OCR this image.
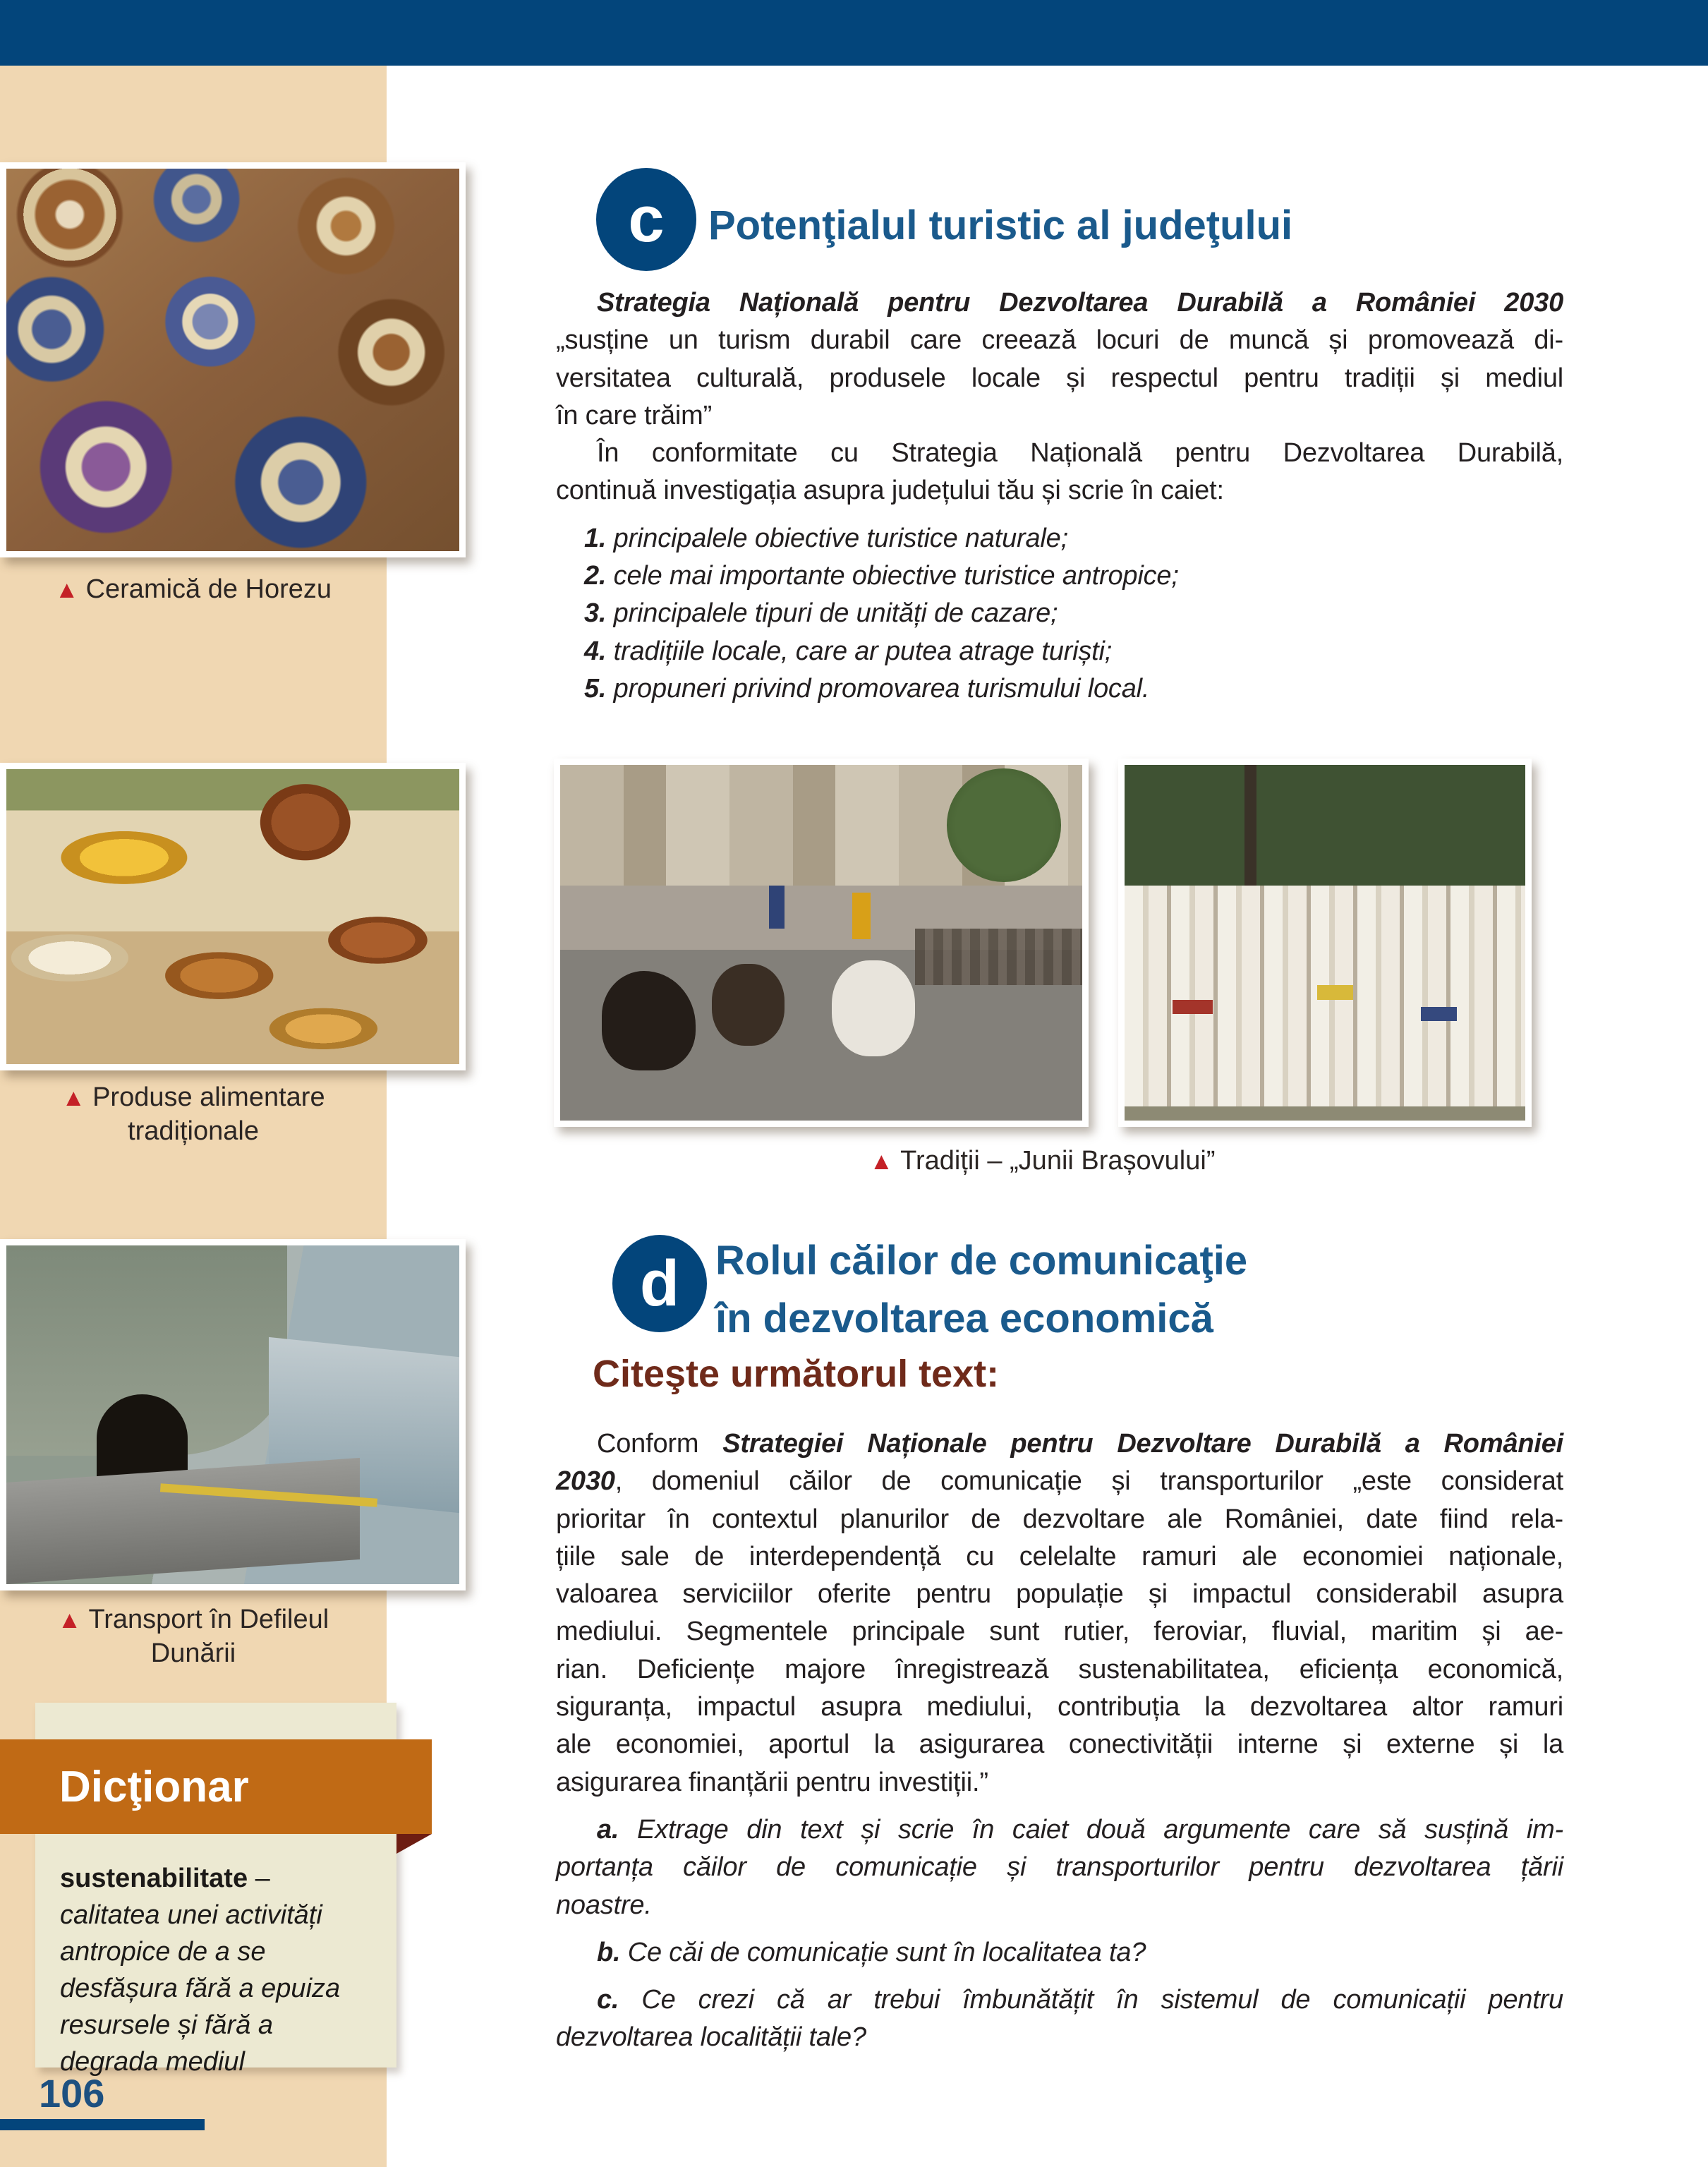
▲ Ceramică de Horezu
▲ Produse alimentare
tradiționale
▲ Transport în Defileul
Dunării
Dicţionar
sustenabilitate –
calitatea unei activități
antropice de a se
desfășura fără a epuiza
resursele și fără a
degrada mediul
c	Potenţialul turistic al judeţului
Strategia Națională pentru Dezvoltarea Durabilă a României 2030
„susține un turism durabil care creează locuri de muncă și promovează di-
versitatea culturală, produsele locale și respectul pentru tradiții și mediul
în care trăim”
În conformitate cu Strategia Națională pentru Dezvoltarea Durabilă,
continuă investigația asupra județului tău și scrie în caiet:
1. principalele obiective turistice naturale;
2. cele mai importante obiective turistice antropice;
3. principalele tipuri de unități de cazare;
4. tradițiile locale, care ar putea atrage turiști;
5. propuneri privind promovarea turismului local.
▲ Tradiții – „Junii Brașovului”
d Rolul căilor de comunicaţie
în dezvoltarea economică
Citeşte următorul text:
Conform Strategiei Naționale pentru Dezvoltare Durabilă a României
2030, domeniul căilor de comunicație și transporturilor „este considerat
prioritar în contextul planurilor de dezvoltare ale României, date fiind rela-
țiile sale de interdependență cu celelalte ramuri ale economiei naționale,
valoarea serviciilor oferite pentru populație și impactul considerabil asupra
mediului. Segmentele principale sunt rutier, feroviar, fluvial, maritim și ae-
rian. Deficiențe majore înregistrează sustenabilitatea, eficiența economică,
siguranța, impactul asupra mediului, contribuția la dezvoltarea altor ramuri
ale economiei, aportul la asigurarea conectivității interne și externe și la
asigurarea finanțării pentru investiții.”
a. Extrage din text și scrie în caiet două argumente care să susțină im-
portanța căilor de comunicație și transporturilor pentru dezvoltarea țării
noastre.
b. Ce căi de comunicație sunt în localitatea ta?
c. Ce crezi că ar trebui îmbunătățit în sistemul de comunicații pentru
dezvoltarea localității tale?
106
